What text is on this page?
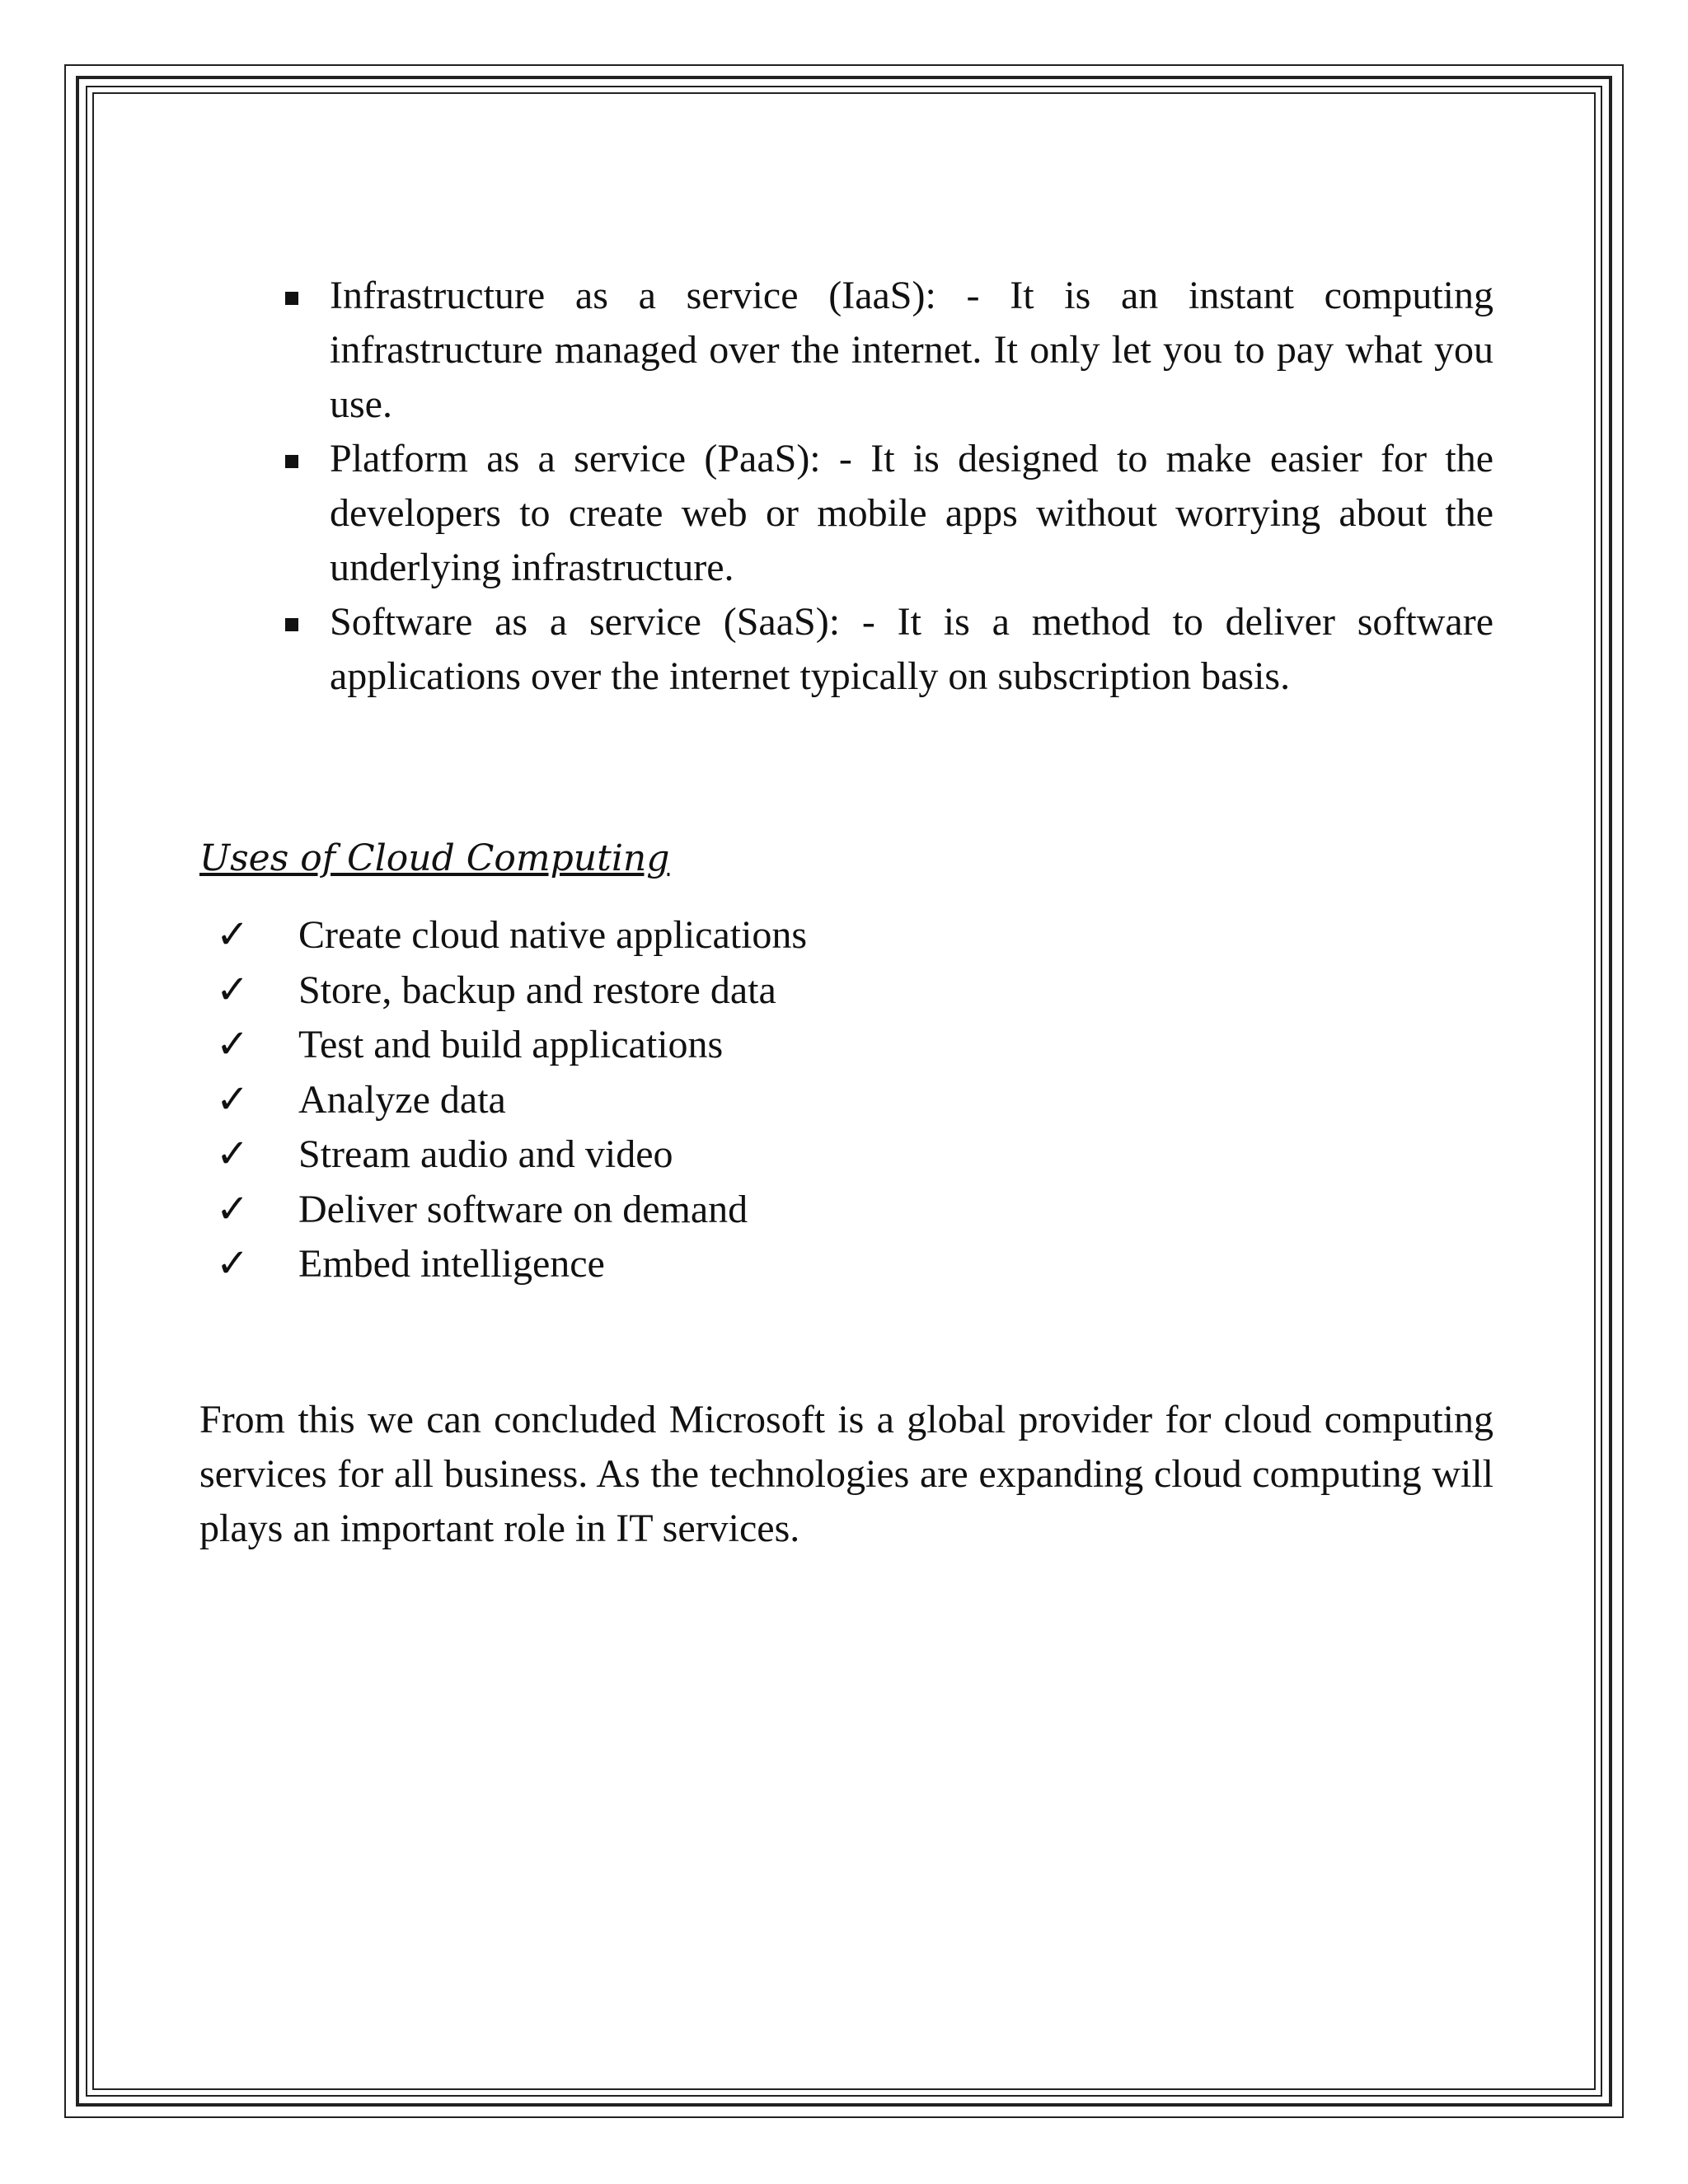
Infrastructure as a service (IaaS): - It is an instant computing infrastructure managed over the internet. It only let you to pay what you use.
Platform as a service (PaaS): - It is designed to make easier for the developers to create web or mobile apps without worrying about the underlying infrastructure.
Software as a service (SaaS): - It is a method to deliver software applications over the internet typically on subscription basis.
Uses of Cloud Computing
✓	Create cloud native applications
✓	Store, backup and restore data
✓	Test and build applications
✓	Analyze data
✓	Stream audio and video
✓	Deliver software on demand
✓	Embed intelligence
From this we can concluded Microsoft is a global provider for cloud computing services for all business. As the technologies are expanding cloud computing will plays an important role in IT services.
